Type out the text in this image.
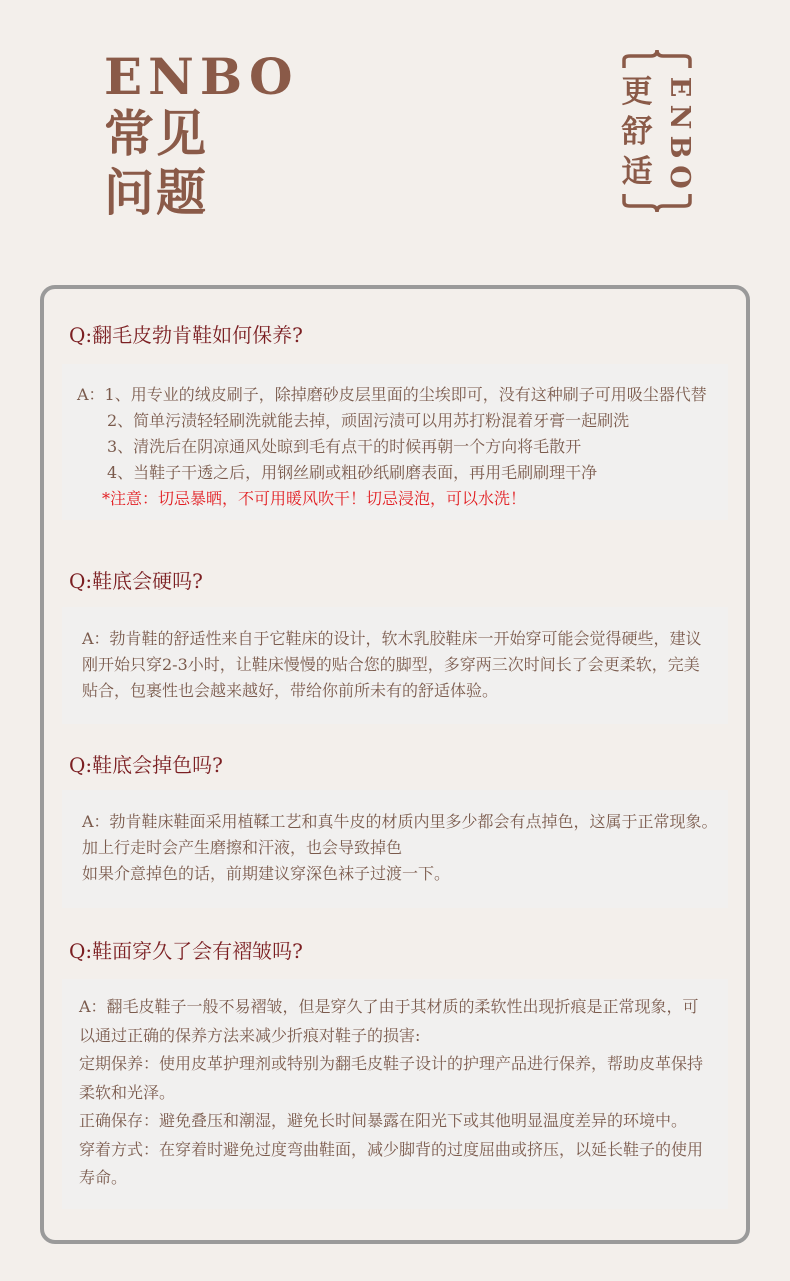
ENBO
常见
问题
更
舒
适
E
N
B
O
Q:翻毛皮勃肯鞋如何保养?

A：1、用专业的绒皮刷子，除掉磨砂皮层里面的尘埃即可，没有这种刷子可用吸尘器代替

2、简单污渍轻轻刷洗就能去掉，顽固污渍可以用苏打粉混着牙膏一起刷洗

3、清洗后在阴凉通风处晾到毛有点干的时候再朝一个方向将毛散开

4、当鞋子干透之后，用钢丝刷或粗砂纸刷磨表面，再用毛刷刷理干净

*注意：切忌暴晒，不可用暖风吹干！切忌浸泡，可以水洗！

Q:鞋底会硬吗?

A：勃肯鞋的舒适性来自于它鞋床的设计，软木乳胶鞋床一开始穿可能会觉得硬些，建议

刚开始只穿2-3小时，让鞋床慢慢的贴合您的脚型，多穿两三次时间长了会更柔软，完美

贴合，包裹性也会越来越好，带给你前所未有的舒适体验。

Q:鞋底会掉色吗?

A：勃肯鞋床鞋面采用植鞣工艺和真牛皮的材质内里多少都会有点掉色，这属于正常现象。

加上行走时会产生磨擦和汗液，也会导致掉色

如果介意掉色的话，前期建议穿深色袜子过渡一下。

Q:鞋面穿久了会有褶皱吗?

A：翻毛皮鞋子一般不易褶皱，但是穿久了由于其材质的柔软性出现折痕是正常现象，可

以通过正确的保养方法来减少折痕对鞋子的损害:

定期保养：使用皮革护理剂或特别为翻毛皮鞋子设计的护理产品进行保养，帮助皮革保持

柔软和光泽。

正确保存：避免叠压和潮湿，避免长时间暴露在阳光下或其他明显温度差异的环境中。

穿着方式：在穿着时避免过度弯曲鞋面，减少脚背的过度屈曲或挤压，以延长鞋子的使用

寿命。
